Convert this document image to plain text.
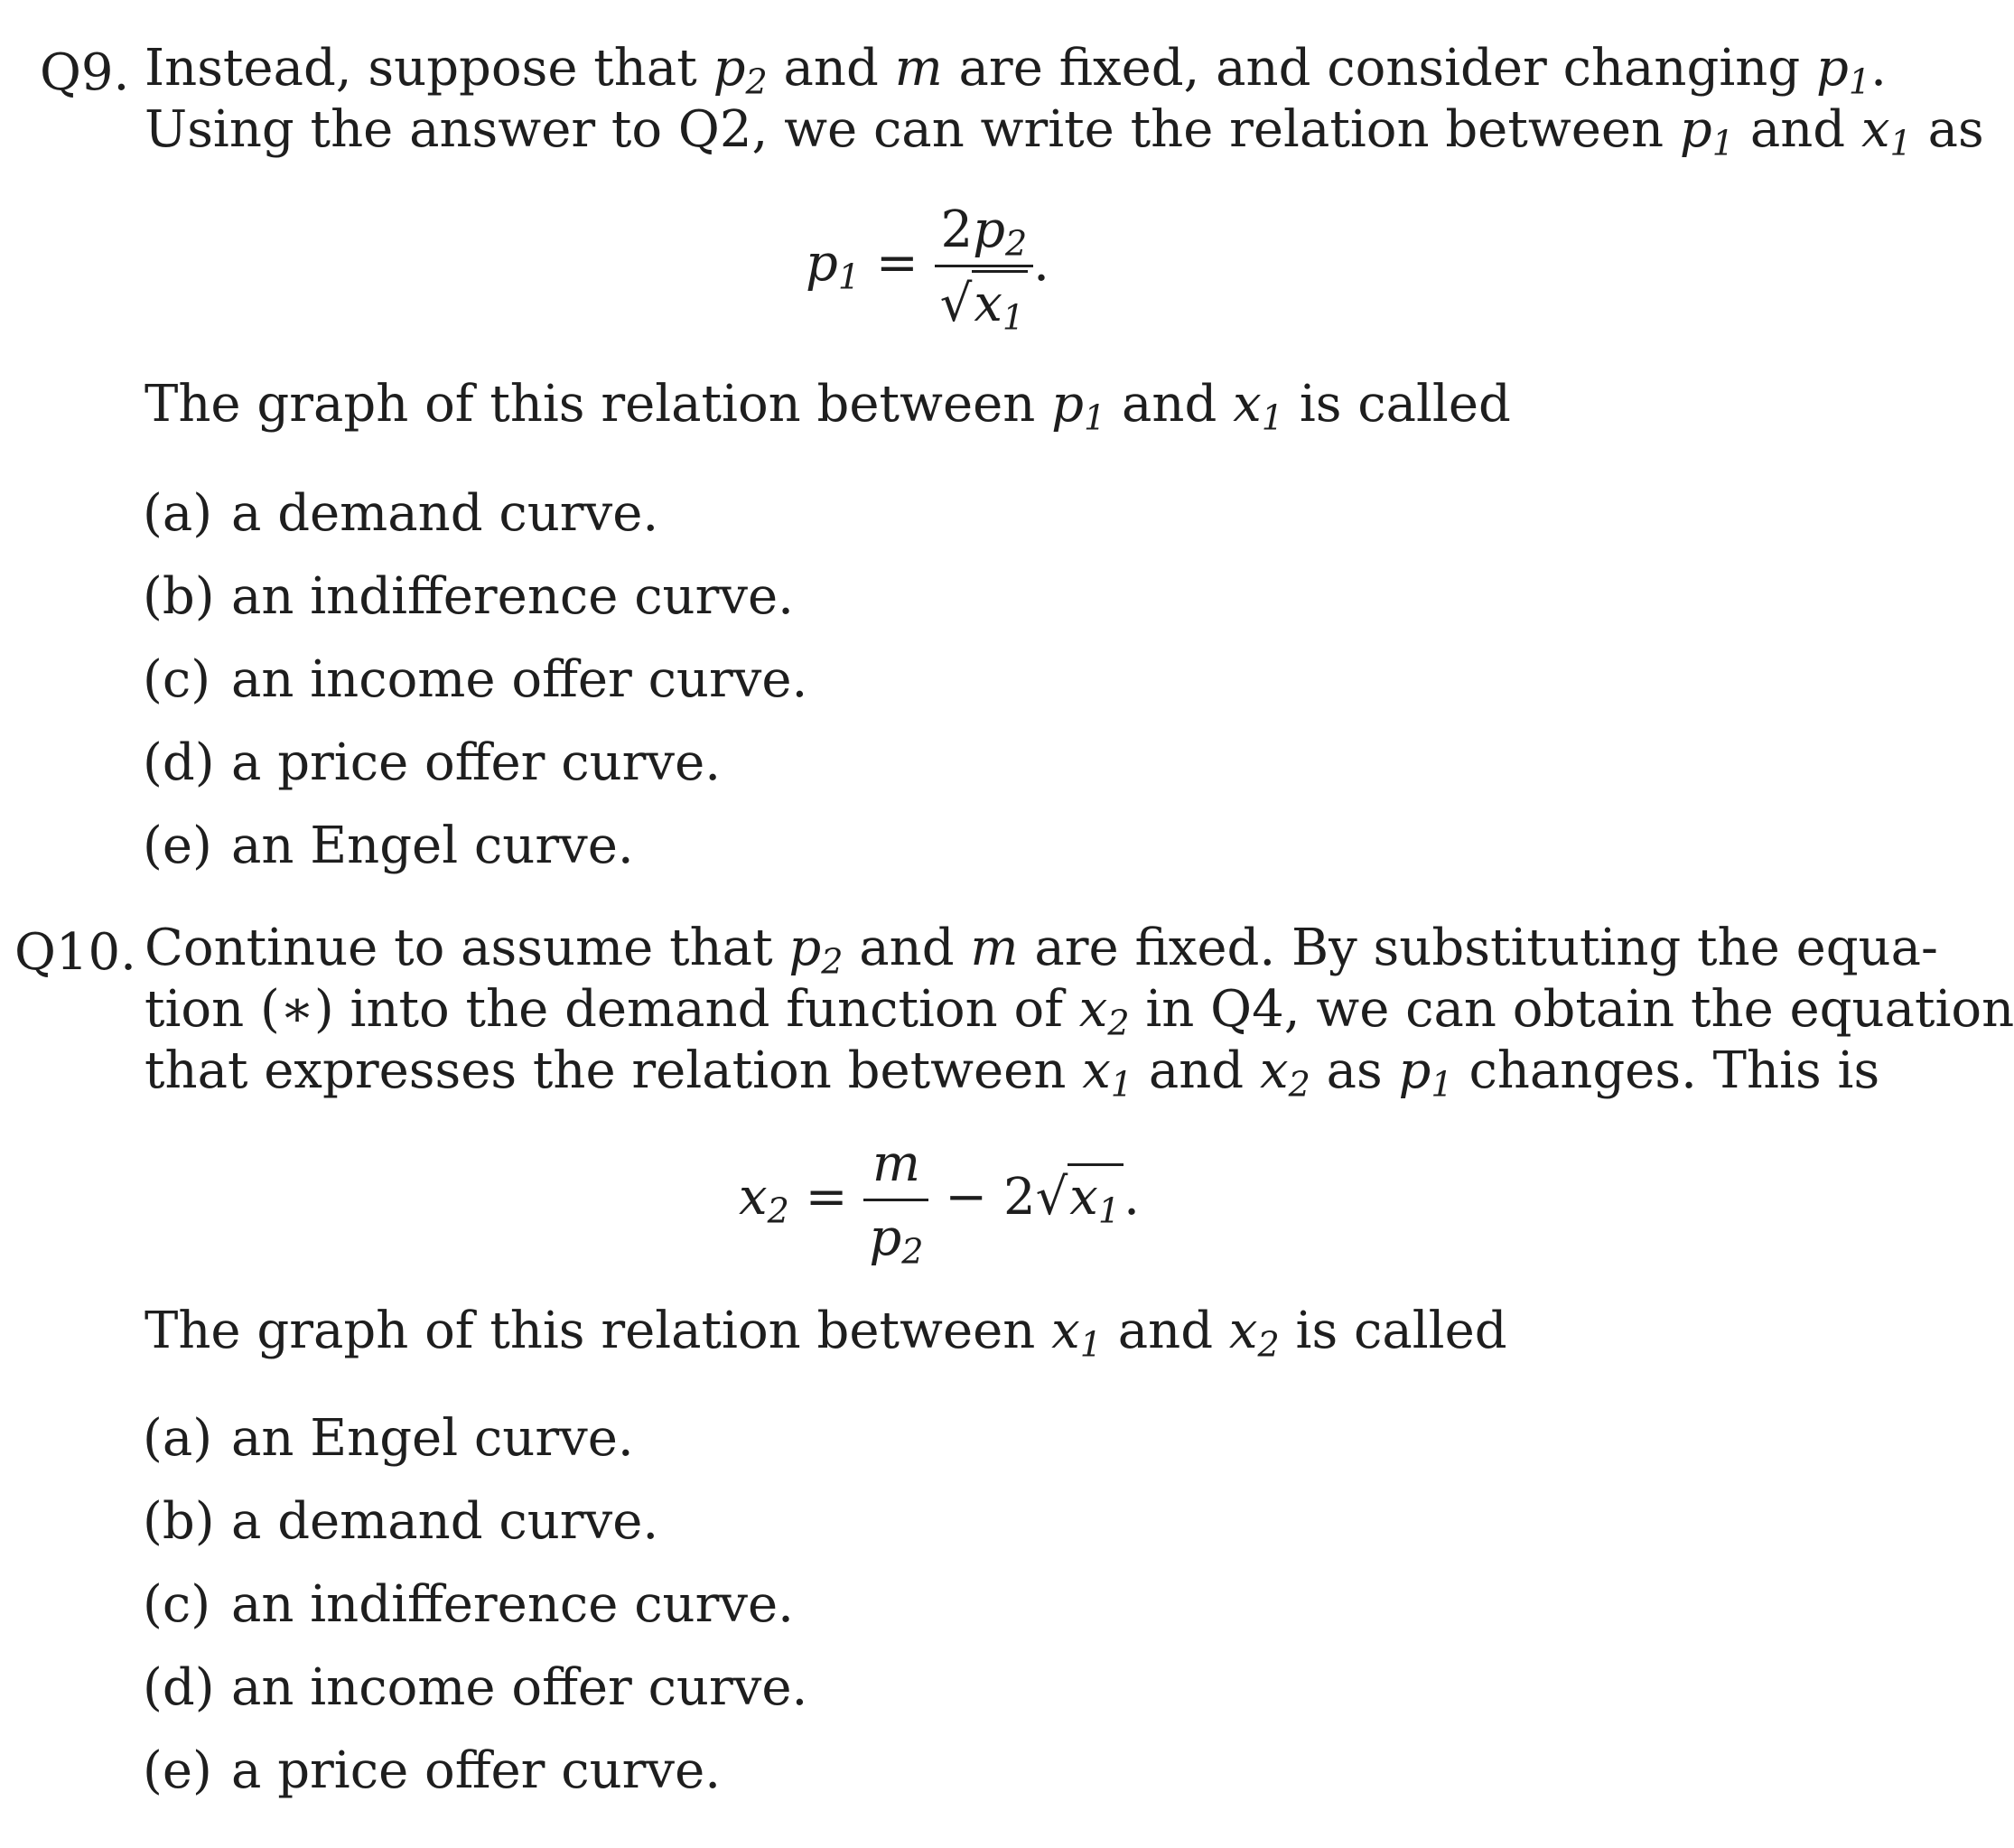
Q9. Instead, suppose that $p_2$ and m are fixed, and consider changing $p_1$.
Using the answer to Q2, we can write the relation between $p_1$ and $x_1$ as
$p_1 = \frac{2p_2}{√x_1}$ .
The graph of this relation between $p_1$ and $x_1$ is called
(a) a demand curve.
(b) an indifference curve.
(c) an income offer curve.
(d) a price offer curve.
(e) an Engel curve.
Q10. Continue to assume that $p_2$ and m are fixed. By substituting the equa-
tion (∗) into the demand function of $x_2$ in Q4, we can obtain the equation
that expresses the relation between $x_1$ and $x_2$ as $p_1$ changes. This is
$x_2 = \frac{m}{p_2} - 2√x_1$.
The graph of this relation between $x_1$ and $x_2$ is called
(a) an Engel curve.
(b) a demand curve.
(c) an indifference curve.
(d) an income offer curve.
(e) a price offer curve.
